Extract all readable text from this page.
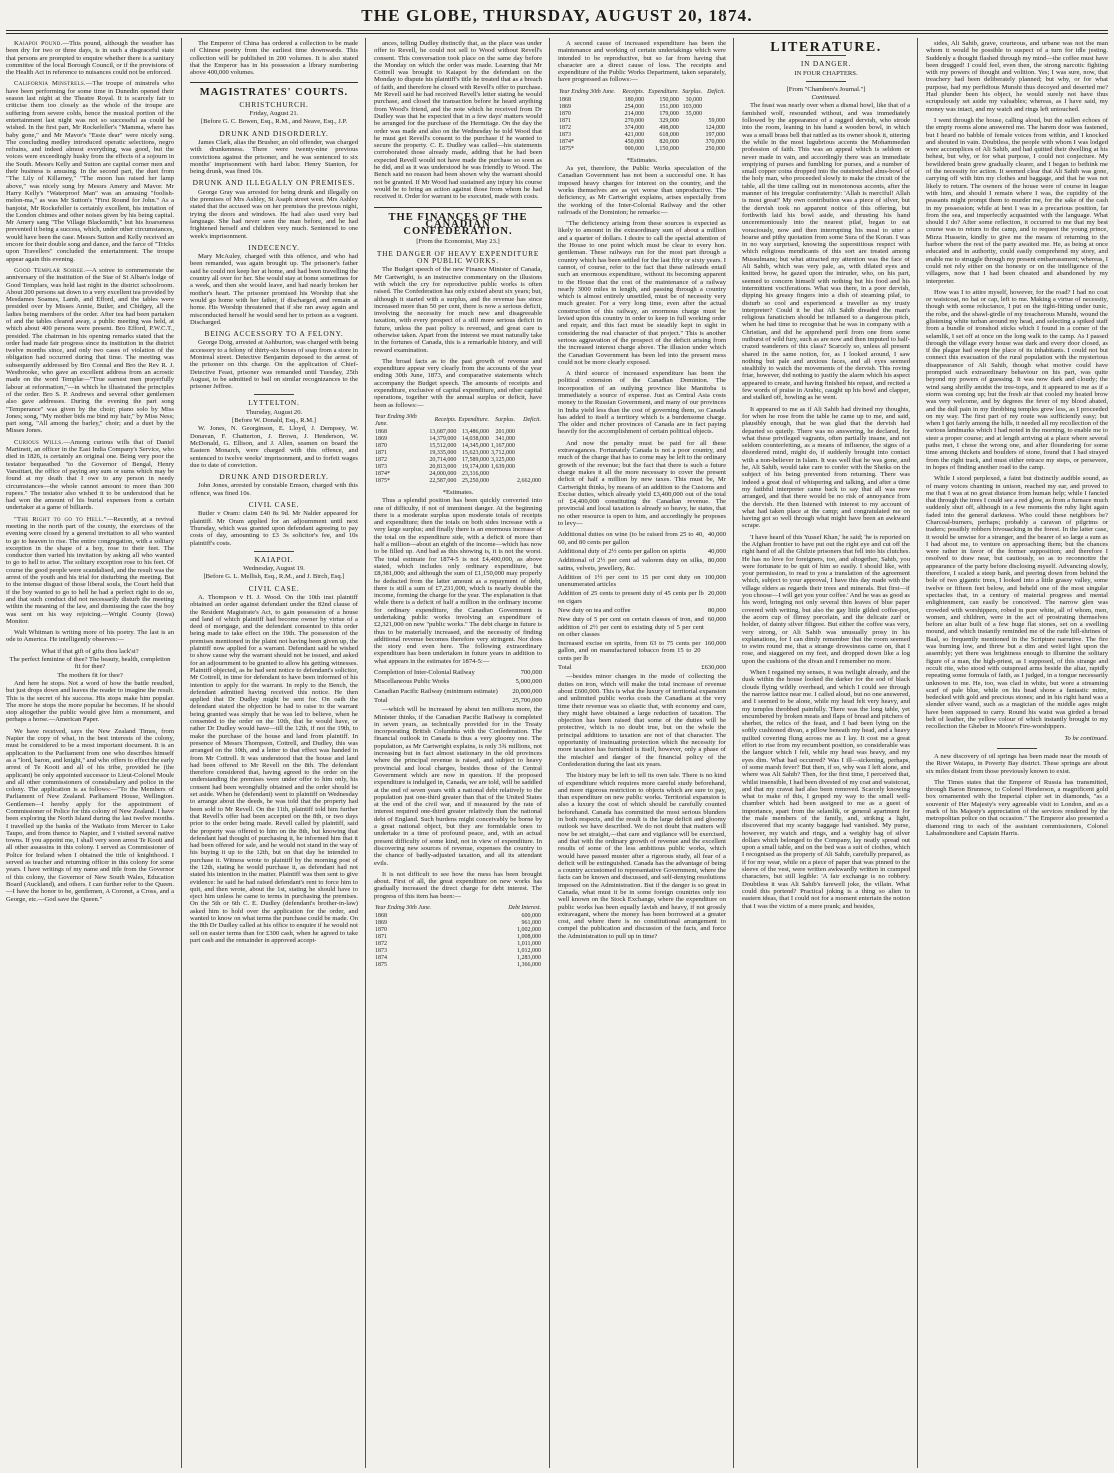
THE GLOBE, THURSDAY, AUGUST 20, 1874.

Kaiapoi Pound.—This pound, although the weather has been dry for two or three days, is in such a disgraceful state that persons are prompted to enquire whether there is a sanitary committee of the local Borough Council, or if the provisions of the Health Act in reference to nuisances could not be enforced.

California Minstrels.—The troupe of minstrels who have been performing for some time in Dunedin opened their season last night at the Theatre Royal. It is scarcely fair to criticise them too closely as the whole of the troupe are suffering from severe colds, hence the musical portion of the entertainment last night was not so successful as could be wished. In the first part, Mr Rockefeller's "Mamma, where has baby gone," and Mr Mavor's "Essie dear" were nicely sung. The concluding medley introduced operatic selections, negro refrains, and indeed almost everything, was good, but the voices were exceedingly husky from the effects of a sojourn in the South. Messrs Kelly and Sutton are capital corner men and their business is amusing. In the second part, the duet from "The Lily of Killarney," "The moon has raised her lamp above," was nicely sung by Messrs Amery and Mavor. Mr Harry Kelly's "Waterproof Man" was an amusing "foolish-melon-ma," as was Mr Sutton's "First Round for John." As a banjoist, Mr Rockefeller is certainly excellent, his imitation of the London chimes and other noises given by his being capital. Mr Amery sang "The Village Blacksmith," but his hoarseness prevented it being a success, which, under other circumstances, would have been the case. Messrs Sutton and Kelly received an encore for their double song and dance, and the farce of "Tricks upon Travellers" concluded the entertainment. The troupe appear again this evening.

Good Templar Soiree.—A soiree to commemorate the anniversary of the institution of the Star of St Alban's lodge of Good Templars, was held last night in the district schoolroom. About 200 persons sat down to a very excellent tea provided by Mesdames Soames, Lamb, and Efford, and the tables were presided over by Misses Annie, Butler, and Chidgey, all the ladies being members of the order. After tea had been partaken of and the tables cleared away, a public meeting was held, at which about 400 persons were present. Bro Efford, P.W.C.T., presided. The chairman in his opening remarks stated that the order had made fair progress since its institution in the district twelve months since, and only two cases of violation of the obligation had occurred during that time. The meeting was subsequently addressed by Bro Connal and Bro the Rev R. J. Westbrooke, who gave an excellent address from an acrostic made on the word Templar—"True earnest men prayerfully labour at reformation,"—in which he illustrated the principles of the order. Bro S. P. Andrews and several other gentlemen also gave addresses. During the evening the part song "Temperance" was given by the choir; piano solo by Miss Jones; song, "My mother bids me bind my hair," by Miss Ness; part song, "All among the barley," choir; and a duet by the Misses Jones.

Curious Wills.—Among curious wills that of Daniel Martinett, an officer in the East India Company's Service, who died in 1826, is certainly an original one. Being very poor the testator bequeathed "to the Governor of Bengal, Henry Vansittart, the office of paying any sum or sums which may be found at my death that I owe to any person in needy circumstances—the whole cannot amount to more than 300 rupees." The testator also wished it to be understood that he had won the amount of his burial expenses from a certain undertaker at a game of billiards.

"The Right to go to Hell."—Recently, at a revival meeting in the north part of the county, the exercises of the evening were closed by a general invitation to all who wanted to go to heaven to rise. The entire congregation, with a solitary exception in the shape of a boy, rose to their feet. The conductor then varied his invitation by asking all who wanted to go to hell to arise. The solitary exception rose to his feet. Of course the good people were scandalised, and the result was the arrest of the youth and his trial for disturbing the meeting. But to the intense disgust of those liberal souls, the Court held that if the boy wanted to go to hell he had a perfect right to do so, and that such conduct did not necessarily disturb the meeting within the meaning of the law, and dismissing the case the boy was sent on his way rejoicing.—Wright County (Iowa) Monitor.

Walt Whitman is writing more of his poetry. The last is an ode to America. He intelligently observes:—

What if that gift of gifts thou lack'st?

The perfect feminine of thee? The beauty, health, completion fit for thee?

The mothers fit for thee?

And here he stops. Not a word of how the battle resulted, but just drops down and leaves the reader to imagine the result. This is the secret of his success. His stops make him popular. The more he stops the more popular he becomes. If he should stop altogether the public would give him a monument, and perhaps a horse.—American Paper.

We have received, says the New Zealand Times, from Napier the copy of what, in the best interests of the colony, must be considered to be a most important document. It is an application to the Parliament from one who describes himself as a "lord, baron, and knight," and who offers to effect the early arrest of Te Kooti and all of his tribe, provided he (the applicant) be only appointed successor to Lieut-Colonel Moule and all other commissioners of constabulary and police in the colony. The application is as follows:—"To the Members of Parliament of New Zealand. Parliament House, Wellington. Gentlemen—I hereby apply for the appointment of Commissioner of Police for this colony of New Zealand. I have been exploring the North Island during the last twelve months. I travelled up the banks of the Waikato from Mercer to Lake Taupo, and from thence to Napier, and I visited several native towns. If you appoint me, I shall very soon arrest Te Kooti and all other assassins in this colony. I served as Commissioner of Police for Ireland when I obtained the title of knighthood. I served as teacher and returning officer in this colony for some years. I have writings of my name and title from the Governor of this colony, the Governor of New South Wales, Education Board (Auckland), and others. I can further refer to the Queen.—I have the honor to be, gentlemen, A Coronet, a Cross, and a George, etc.—God save the Queen."

The Emperor of China has ordered a collection to be made of Chinese poetry from the earliest time downwards. This collection will be published in 200 volumes. It is also stated that the Emperor has in his possession a library numbering above 400,000 volumes.

MAGISTRATES' COURTS.
CHRISTCHURCH.

Friday, August 21.

[Before G. C. Bowen, Esq., R.M., and Neave, Esq., J.P.

DRUNK AND DISORDERLY.

James Clark, alias the Brusher, an old offender, was charged with drunkenness. There were twenty-nine previous convictions against the prisoner, and he was sentenced to six months' imprisonment with hard labor. Henry Stanton, for being drunk, was fined 10s.

DRUNK AND ILLEGALLY ON PREMISES.

George Gray was arrested for being drunk and illegally on the premises of Mrs Ashley, St Asaph street west. Mrs Ashley stated that the accused was on her premises the previous night, trying the doors and windows. He had also used very bad language. She had never seen the man before, and he had frightened herself and children very much. Sentenced to one week's imprisonment.

INDECENCY.

Mary McAuley, charged with this offence, and who had been remanded, was again brought up. The prisoner's father said he could not keep her at home, and had been travelling the country all over for her. She would stay at home sometimes for a week, and then she would leave, and had nearly broken her mother's heart. The prisoner promised his Worship that she would go home with her father, if discharged, and remain at home. His Worship threatened that if she ran away again and misconducted herself he would send her to prison as a vagrant. Discharged.

BEING ACCESSORY TO A FELONY.

George Doig, arrested at Ashburton, was charged with being accessory to a felony of thirty-six boxes of soap from a store in Montreal street. Detective Benjamin deposed to the arrest of the prisoner on this charge. On the application of Chief-Detective Feast, prisoner was remanded until Tuesday, 25th August, to be admitted to bail on similar recognizances to the prisoner Jeffree.

LYTTELTON.

Thursday, August 20.

[Before W. Donald, Esq., R.M.]

W. Jones, N. Georginson, E. Lloyd, J. Dempsey, W. Donavan, F. Chatterton, J. Brown, J. Henderson, W. McDonald, G. Ellison, and J. Allen, seamen on board the Eastern Monarch, were charged with this offence, and sentenced to twelve weeks' imprisonment, and to forfeit wages due to date of conviction.

DRUNK AND DISORDERLY.

John Jones, arrested by constable Emson, charged with this offence, was fined 10s.

CIVIL CASE.

Butler v Oram: claim £40 8s 9d. Mr Nalder appeared for plaintiff. Mr Oram applied for an adjournment until next Thursday, which was granted upon defendant agreeing to pay costs of day, amounting to £3 3s solicitor's fee, and 10s plaintiff's costs.

KAIAPOI.

Wednesday, August 19.

[Before G. L. Mellish, Esq., R.M., and J. Birch, Esq.]

CIVIL CASE.

A. Thompson v H. J. Wood. On the 10th inst plaintiff obtained an order against defendant under the 82nd clause of the Resident Magistrate's Act, to gain possession of a house and land of which plaintiff had become owner by virtue of a deed of mortgage, and the defendant consented to this order being made to take effect on the 19th. The possession of the premises mentioned in the plaint not having been given up, the plaintiff now applied for a warrant. Defendant said he wished to show cause why the warrant should not be issued, and asked for an adjournment to be granted to allow his getting witnesses. Plaintiff objected, as he had sent notice to defendant's solicitor, Mr Cottrell, in time for defendant to have been informed of his intention to apply for the warrant. In reply to the Bench, the defendant admitted having received this notice. He then applied that Dr Dudley might be sent for. On oath the defendant stated the objection he had to raise to the warrant being granted was simply that he was led to believe, when he consented to the order on the 10th, that he would have, or rather Dr Dudley would have—till the 12th, if not the 19th, to make the purchase of the house and land from plaintiff. In presence of Messrs Thompson, Cottrell, and Dudley, this was arranged on the 10th, and a letter to that effect was handed in from Mr Cottrell. It was understood that the house and land had been offered to Mr Revell on the 8th. The defendant therefore considered that, having agreed to the order on the understanding the premises were under offer to him only, his consent had been wrongfully obtained and the order should be set aside. When he (defendant) went to plaintiff on Wednesday to arrange about the deeds, he was told that the property had been sold to Mr Revell. On the 11th, plaintiff told him further that Revell's offer had been accepted on the 8th, or two days prior to the order being made. Revell called by plaintiff, said the property was offered to him on the 8th, but knowing that defendant had thought of purchasing it, he informed him that it had been offered for sale, and he would not stand in the way of his buying it up to the 12th, but on that day he intended to purchase it. Witness wrote to plaintiff by the morning post of the 12th, stating he would purchase it, as defendant had not stated his intention in the matter. Plaintiff was then sent to give evidence: he said he had raised defendant's rent to force him to quit, and then wrote, about the 1st, stating he should have to eject him unless he came to terms in purchasing the premises. On the 5th or 6th C. E. Dudley (defendant's brother-in-law) asked him to hold over the application for the order, and wanted to know on what terms the purchase could be made. On the 8th Dr Dudley called at his office to enquire if he would not sell on easier terms than for £300 cash, when he agreed to take part cash and the remainder in approved accept-

ances, telling Dudley distinctly that, as the place was under offer to Revell, he could not sell to Wood without Revell's consent. This conversation took place on the same day before the Monday on which the order was made. Learning that Mr Cottrell was brought to Kaiapoi by the defendant on the Monday to dispute his plaintiff's title he treated that as a breach of faith, and therefore he closed with Revell's offer to purchase. Mr Revell said he had received Revell's letter stating he would purchase, and closed the transaction before he heard anything from Wood's friend, and the note which he received from Dr Dudley was that he expected that in a few days' matters would be arranged for the purchase of the Hermitage. On the day the order was made and also on the Wednesday he told Wood that he must get Revell's consent to the purchase if he wanted to secure the property. C. E. Dudley was called—his statements corroborated those already made, adding that he had been expected Revell would not have made the purchase so soon as he did, and as it was understood he was friendly to Wood. The Bench said no reason had been shown why the warrant should not be granted. If Mr Wood had sustained any injury his course would be to bring an action against those from whom he had received it. Order for warrant to be executed, made with costs.

THE FINANCES OF THE CANADIAN CONFEDERATION.

[From the Economist, May 23.]

THE DANGER OF HEAVY EXPENDITURE ON PUBLIC WORKS.

The Budget speech of the new Finance Minister of Canada, Mr Cartwright, is an instructive commentary on the illusions with which the cry for reproductive public works is often raised. The Confederation has only existed about six years; but, although it started with a surplus, and the revenue has since increased more than 50 per cent, there is now a serious deficit, involving the necessity for much new and disagreeable taxation, with every prospect of a still more serious deficit in future, unless the past policy is reversed, and great care is otherwise taken. Apart from the interest we must naturally take in the fortunes of Canada, this is a remarkable history, and will reward examination.

The broad facts as to the past growth of revenue and expenditure appear very clearly from the accounts of the year ending 30th June, 1873, and comparative statements which accompany the Budget speech. The amounts of receipts and expenditure, exclusive of capital expenditure, and other capital operations, together with the annual surplus or deficit, have been as follows:—

Year Ending 30th June.	Receipts.	Expenditure.	Surplus.	Deficit.
1868	13,687,000	13,486,000	201,000	
1869	14,379,000	14,038,000	341,000	
1870	15,512,000	14,345,000	1,167,000	
1871	19,335,000	15,623,000	3,712,000	
1872	20,714,000	17,589,000	3,125,000	
1873	20,813,000	19,174,000	1,639,000	
1874*	24,000,000	23,316,000		
1875*	22,587,000	25,250,000		2,662,000

*Estimates.

Thus a splendid position has been quickly converted into one of difficulty, if not of imminent danger. At the beginning there is a moderate surplus upon moderate totals of receipts and expenditure; then the totals on both sides increase with a very large surplus; and finally there is an enormous increase of the total on the expenditure side, with a deficit of more than half a million—about an eighth of the income—which has now to be filled up. And bad as this showing is, it is not the worst. The total estimate for 1874-5 is not £4,400,000, as above stated, which includes only ordinary expenditure, but £8,381,000; and although the sum of £1,150,000 may properly be deducted from the latter amount as a repayment of debt, there is still a sum of £7,231,000, which is nearly double the income, forming the charge for the year. The explanation is that while there is a deficit of half a million in the ordinary income for ordinary expenditure, the Canadian Government is undertaking public works involving an expenditure of £2,321,000 on new "public works." The debt charge in future is thus to be materially increased, and the necessity of finding additional revenue becomes therefore very stringent. Nor does the story end even here. The following extraordinary expenditure has been undertaken in future years in addition to what appears in the estimates for 1874-5:—

Completion of Inter-Colonial Railway	700,000
Miscellaneous Public Works	5,000,000
Canadian Pacific Railway (minimum estimate)	20,000,000
Total	25,700,000

—which will be increased by about ten millions more, the Minister thinks, if the Canadian Pacific Railway is completed in seven years, as technically provided for in the Treaty incorporating British Columbia with the Confederation. The financial outlook in Canada is thus a very gloomy one. The population, as Mr Cartwright explains, is only 3¾ millions, not increasing but in fact almost stationary in the old provinces where the principal revenue is raised, and subject to heavy provincial and local charges, besides those of the Central Government which are now in question. If the proposed expenditure is indulged in, Canada, we are told, will be saddled at the end of seven years with a national debt relatively to the population just one-third greater than that of the United States at the end of the civil war, and if measured by the rate of interest required one-third greater relatively than the national debt of England. Such burdens might conceivably be borne by a great national object, but they are formidable ones to undertake in a time of profound peace, and, with an actual present difficulty of some kind, not in view of expenditure. In discovering new sources of revenue, expenses the country to the chance of badly-adjusted taxation, and all its attendant evils.

It is not difficult to see how the mess has been brought about. First of all, the great expenditure on new works has gradually increased the direct charge for debt interest. The progress of this item has been:—

Year Ending 30th June.	Debt Interest.
1868	600,000
1869	961,000
1870	1,002,000
1871	1,008,000
1872	1,011,000
1873	1,012,000
1874	1,283,000
1875	1,366,000

A second cause of increased expenditure has been the maintenance and working of certain undertakings which were intended to be reproductive, but so far from having that character are a direct cause of loss. The receipts and expenditure of the Public Works Department, taken separately, have progressed as follows:—

Year Ending 30th June.	Receipts.	Expenditure.	Surplus.	Deficit.
1868	180,000	150,000	30,000	
1869	254,000	151,000	103,000	
1870	214,000	179,000	35,000	
1871	270,000	329,000		59,000
1872	374,000	498,000		124,000
1873	421,000	618,000		197,000
1874*	450,000	820,000		370,000
1875*	900,000	1,150,000		250,000

*Estimates.

As yet, therefore, the Public Works speculation of the Canadian Government has not been a successful one. It has imposed heavy charges for interest on the country, and the works themselves are as yet worse than unproductive. The deficiency, as Mr Cartwright explains, arises especially from the working of the Inter-Colonial Railway and the other railroads of the Dominion; he remarks:—

"The deficiency arising from these sources is expected as likely to amount in the extraordinary sum of about a million and a quarter of dollars. I desire to call the special attention of the House to one point which must be clear to every hon. gentleman. These railways run for the most part through a country which has been settled for the last fifty or sixty years. I cannot, of course, refer to the fact that these railroads entail such an enormous expenditure, without its becoming apparent to the House that the cost of the maintenance of a railway nearly 3000 miles in length, and passing through a country which is almost entirely unsettled, must be of necessity very much greater. For a very long time, even after the actual construction of this railway, an enormous charge must be levied upon this country in order to keep in full working order and repair, and this fact must be steadily kept in sight in considering the real character of that project." This is another serious aggravation of the prospect of the deficit arising from the increased interest charge above. The illusion under which the Canadian Government has been led into the present mess could not be more clearly exposed.

A third source of increased expenditure has been the political extension of the Canadian Dominion. The incorporation of an outlying province like Manitoba is immediately a source of expense. Just as Central Asia costs money to the Russian Government, and many of our provinces in India yield less than the cost of governing them, so Canada has added to itself a territory which is a burdensome charge. The older and richer provinces of Canada are in fact paying heavily for the accomplishment of certain political objects.

And now the penalty must be paid for all these extravagances. Fortunately Canada is not a poor country, and much of the charge that has to come may be left to the ordinary growth of the revenue; but the fact that there is such a future charge makes it all the more necessary to cover the present deficit of half a million by new taxes. This must be, Mr Cartwright thinks, by means of an addition to the Customs and Excise duties, which already yield £3,400,000 out of the total of £4,400,000 constituting the Canadian revenue. The provincial and local taxation is already so heavy, he states, that no other resource is open to him, and accordingly he proposes to levy—

Additional duties on wine (to be raised from 25 to 40, 60, and 80 cents per gallon
40,000
Additional duty of 2½ cents per gallon on spirits	40,000
Additional of 2½ per cent ad valorem duty on silks, satins, velvets, jewellery, &c.
80,000
Addition of 1½ per cent to 15 per cent duty on unenumerated articles
100,000
Addition of 25 cents to present duty of 45 cents per lb on cigars
20,000
New duty on tea and coffee	80,000
New duty of 5 per cent on certain classes of iron, and addition of 2½ per cent to existing duty of 5 per cent on other classes
60,000
Increased excise on spirits, from 63 to 75 cents per gallon, and on manufactured tobacco from 15 to 20 cents per lb
160,000
Total	£630,000

—besides minor changes in the mode of collecting the duties on iron, which will make the total increase of revenue about £600,000. This is what the luxury of territorial expansion and unlimited public works costs the Canadians at the very time their revenue was so elastic that, with economy and care, they might have obtained a large reduction of taxation. The objection has been raised that some of the duties will be protective, which is no doubt true, but on the whole the principal additions to taxation are not of that character. The opportunity of insinuating protection which the necessity for more taxation has furnished is itself, however, only a phase of the mischief and danger of the financial policy of the Confederation during the last six years.

The history may be left to tell its own tale. There is no kind of expenditure which requires more careful study beforehand, and more rigorous restriction to objects which are sure to pay, than expenditure on new public works. Territorial expansion is also a luxury the cost of which should be carefully counted beforehand. Canada has committed the most serious blunders in both respects, and the result is the large deficit and gloomy outlook we have described. We do not doubt that matters will now be set straight,—that care and vigilance will be exercised, and that with the ordinary growth of revenue and the excellent results of some of the less ambitious public works, which would have passed muster after a rigorous study, all fear of a deficit will be extinguished. Canada has the advantage of being a country accustomed to representative Government, where the facts can be known and discussed, and self-denying resolutions imposed on the Administration. But if the danger is so great in Canada, what must it be in some foreign countries only too well known on the Stock Exchange, where the expenditure on public works has been equally lavish and heavy, if not grossly extravagant, where the money has been borrowed at a greater cost, and where there is no constitutional arrangement to compel the publication and discussion of the facts, and force the Administration to pull up in time?

LITERATURE.
IN DANGER.

IN FOUR CHAPTERS.

[From "Chambers's Journal."]

Continued.

The feast was nearly over when a dismal howl, like that of a famished wolf, resounded without, and was immediately followed by the appearance of a ragged dervish, who strode into the room, leaning in his hand a wooden bowl, in which was a small brass bell that rattled as its owner shook it, uttering the while in the most lugubrious accents the Mohammedan profession of faith. This was an appeal which is seldom or never made in vain, and accordingly there was an immediate emptying of purses and fumbling for purses, and a number of small copper coins dropped into the outstretched alms-bowl of the holy man, who proceeded slowly to make the circuit of the table, all the time calling out in monotonous accents, after the manner of his irregular confraternity: 'Allah is merciful! Allah is most great!' My own contribution was a piece of silver, but the dervish took no apparent notice of this offering, but forthwith laid his bowl aside, and thrusting his hand unceremoniously into the nearest pilaf, began to eat voraciously, now and then interrupting his meal to utter a hoarse and pithy quotation from some Sura of the Koran. I was in no way surprised, knowing the superstitious respect with which religious mendicants of this sort are treated among Mussulmans; but what attracted my attention was the face of Ali Sahib, which was very pale, as, with dilated eyes and knitted brow, he gazed upon the intruder, who, on his part, seemed to concern himself with nothing but his food and his intermittent vociferations. What was there, in a poor dervish, dipping his greasy fingers into a dish of steaming pilaf, to disturb so cool and experienced a traveller as my trusty interpreter? Could it be that Ali Sahib dreaded the man's religious fanaticism should be inflamed to a dangerous pitch, when he had time to recognise that he was in company with a Christian, and did he apprehend peril from one from some outburst of wild fury, such as are now and then imputed to half-crazed wanderers of this class? Scarcely so, unless all present shared in the same notion, for, as I looked around, I saw nothing but pale and anxious faces, and all eyes seemed stealthily to watch the movements of the dervish. This roving friar, however, did nothing to justify the alarm which his aspect appeared to create, and having finished his repast, and recited a few words of praise in Arabic, caught up his bowl and clapper, and stalked off, howling as he went.

It appeared to me as if Ali Sahib had divined my thoughts, for when he rose from the table he came up to me, and said, plausibly enough, that he was glad that the dervish had departed so quietly. There was no answering, he declared, for what these privileged vagrants, often partially insane, and not seldom counterfeiting, as a means of influence, the signs of a disordered mind, might do, if suddenly brought into contact with a non-believer in Islam. It was well that he was gone, and he, Ali Sahib, would take care to confer with the Sheiks on the subject of his being prevented from returning. There was indeed a great deal of whispering and talking, and after a time my faithful interpreter came back to say that all was now arranged, and that there would be no risk of annoyance from the dervish. He then listened with interest to my account of what had taken place at the camp; and congratulated me on having got so well through what might have been an awkward scrape.

'I have heard of this Yussef Khan,' he said; 'he is reported on the Afghan frontier to have put out the right eye and cut off the right hand of all the Ghilzie prisoners that fell into his clutches. He has no love for foreigners, too, and altogether, Sahib, you were fortunate to be quit of him so easily. I should like, with your permission, to read to you a translation of the agreement which, subject to your approval, I have this day made with the village elders as regards their trees and minerals. But first—if you choose—I will get you your coffee.' And he was as good as his word, bringing not only several thin leaves of blue paper covered with writing, but also the gay little gilded coffee-pot, the acorn cup of flimsy porcelain, and the delicate zarf or holder, of dainty silver filigree. But either the coffee was very, very strong, or Ali Sahib was unusually prosy in his explanations, for I can dimly remember that the room seemed to swim round me, that a strange drowsiness came on, that I rose, and staggered on my feet, and dropped down like a log upon the cushions of the divan and I remember no more.

When I regained my senses, it was twilight already, and the dusk within the house looked the darker for the sod of black clouds flying wildly overhead, and which I could see through the narrow lattice near me. I called aloud, but no one answered, and I seemed to be alone, while my head felt very heavy, and my temples throbbed painfully. There was the long table, yet encumbered by broken meats and flaps of bread and pitchers of sherbet, the relics of the feast, and I had been lying on the softly cushioned divan, a pillow beneath my head, and a heavy quilted covering flung across me as I lay. It cost me a great effort to rise from my recumbent position, so considerable was the languor which I felt, while my head was heavy, and my eyes dim. What had occurred? Was I ill—sickening, perhaps, of some marsh fever? But then, if so, why was I left alone, and where was Ali Sahib? Then, for the first time, I perceived that, whilst insensible, I had been divested of my coat and waistcoat, and that my cravat had also been removed. Scarcely knowing what to make of this, I groped my way to the small well-chamber which had been assigned to me as a guest of importance, apart from the selamlik, or general apartment for the male members of the family, and, striking a light, discovered that my scanty baggage had vanished. My purse, however, my watch and rings, and a weighty bag of silver dollars which belonged to the Company, lay neatly spread out upon a small table, and on the bed was a suit of clothes, which I recognised as the property of Ali Sahib, carefully prepared, as if for my wear, while on a piece of paper that was pinned to the sleeve of the vest, were written awkwardly written in cramped characters, but still legible: 'A fair exchange is no robbery. Doubtless it was Ali Sahib's farewell joke, the villain. What could this portend? Practical joking is a thing so alien to eastern ideas, that I could not for a moment entertain the notion that I was the victim of a mere prank; and besides,

sides, Ali Sahib, grave, courteous, and urbane was not the man whom it would be possible to suspect of a turn for idle jesting. Suddenly a thought flashed through my mind—the coffee must have been drugged! I could feel, even then, the strong narcotic fighting with my powers of thought and volition. Yes; I was sure, now, that treachery had been deliberately planned; but why, or for what purpose, had my perfidious Munshi thus decoyed and deserted me? Had plunder been his object, he would surely not have thus scrupulously set aside my valuables; whereas, as I have said, my money was intact, and my watch and rings left untouched.

I went through the house, calling aloud, but the sullen echoes of the empty rooms alone answered me. The harem door was fastened, but I heard no babble of female voices from within, and I knocked and shouted in vain. Doubtless, the people with whom I was lodged were accomplices of Ali Sahib, and had quitted their dwelling at his behest, but why, or for what purpose, I could not conjecture. My bewildered brain grew gradually clearer, and I began to bethink me of the necessity for action. It seemed clear that Ali Sahib was gone, carrying off with him my clothes and baggage, and that he was not likely to return. The owners of the house were of course in league with him, and should I remain where I was, the cupidity of the peasants might prompt them to murder me, for the sake of the cash in my possession; while at best I was in a precarious position, far from the sea, and imperfectly acquainted with the language. What should I do? After some reflection, it occurred to me that my best course was to return to the camp, and to request the young prince, Mirza Hussein, kindly to give me the means of returning to the harbor where the rest of the party awaited me. He, as being at once educated and in authority, could easily comprehend my story, and enable me to struggle through my present embarrassment; whereas, I could not rely either on the honesty or on the intelligence of the villagers, now that I had been cheated and abandoned by my interpreter.

How was I to attire myself, however, for the road? I had no coat or waistcoat, no hat or cap, left to me. Making a virtue of necessity, though with some reluctance, I put on the tight-fitting under tunic, the robe, and the shawl-girdle of my treacherous Munshi, wound the glistening white turban around my head, and selecting a spiked staff from a bundle of ironshod sticks which I found in a corner of the selamlik, I set off at once on the long walk to the camp. As I passed through the village every house was dark and every door closed, as if the plague had swept the place of its inhabitants. I could not but connect this evacuation of the rural population with the mysterious disappearance of Ali Sahib, though what motive could have prompted such extraordinary behaviour on his part, was quite beyond my powers of guessing. It was now dark and cloudy; the wind sang shrilly amidst the tree-tops, and it appeared to me as if a storm was coming up; but the fresh air that cooled my heated brow was very welcome, and by degrees the fever of my blood abated, and the dull pain in my throbbing temples grew less, as I proceeded on my way. The first part of my route was sufficiently easy; but when I got fairly among the hills, it needed all my recollection of the various landmarks which I had noted in the morning, to enable me to steer a proper course; and at length arriving at a place where several paths met, I chose the wrong one, and after floundering for some time among thickets and boulders of stone, found that I had strayed from the right track, and must either retrace my steps, or persevere, in hopes of finding another road to the camp.

While I stood perplexed, a faint but distinctly audible sound, as of many voices chanting in unison, reached my ear, and proved to me that I was at no great distance from human help; while I fancied that through the trees I could see a red glow, as from a furnace much suddenly shut off, although in a few moments the ruby light again faded into the general darkness. Who could these neighbors be? Charcoal-burners, perhaps; probably a caravan of pilgrims or traders; possibly robbers bivouacking in the forest. In the latter case, it would be unwise for a stranger, and the bearer of so large a sum as I had about me, to venture on approaching them; but the chances were rather in favor of the former supposition; and therefore I resolved to draw near, but cautiously, so as to reconnoitre the appearance of the party before disclosing myself. Advancing slowly, therefore, I scaled a steep bank, and peering down from behind the bole of two gigantic trees, I looked into a little grassy valley, some twelve or fifteen feet below, and beheld one of the most singular spectacles that, in a century of material progress and mental enlightenment, can easily be conceived. The narrow glen was crowded with worshippers, robed in pure white, all of whom, men, women, and children, were in the act of prostrating themselves before an altar built of a few huge flat stones, set on a swelling mound, and which instantly reminded me of the rude hill-shrines of Baal, so frequently mentioned in the Scripture narrative. The fire was burning low, and threw but a dim and weird light upon the assembly; yet there was brightness enough to illumine the solitary figure of a man, the high-priest, as I supposed, of this strange and occult rite, who stood with outspread arms beside the altar, rapidly repeating some formula of faith, as I judged, in a tongue necessarily unknown to me. He, too, was clad in white, but wore a streaming scarf of pale blue, while on his head shone a fantastic mitre, bedecked with gold and precious stones; and in his right hand was a slender silver wand, such as a magician of the middle ages might have been supposed to carry. Round his waist was girded a broad belt of leather, the yellow colour of which instantly brought to my recollection the Gheber in Moore's Fire-worshippers.

To be continued.

A new discovery of oil springs has been made near the mouth of the River Waiapu, in Poverty Bay district. These springs are about six miles distant from those previously known to exist.

The Times states that the Emperor of Russia has transmitted, through Baron Brunnow, to Colonel Henderson, a magnificent gold box ornamented with the Imperial cipher set in diamonds, "as a souvenir of Her Majesty's very agreeable visit to London, and as a mark of his Majesty's appreciation of the services rendered by the metropolitan police on that occasion." The Emperor also presented a diamond ring to each of the assistant commissioners, Colonel Labalmondiere and Captain Harris.
